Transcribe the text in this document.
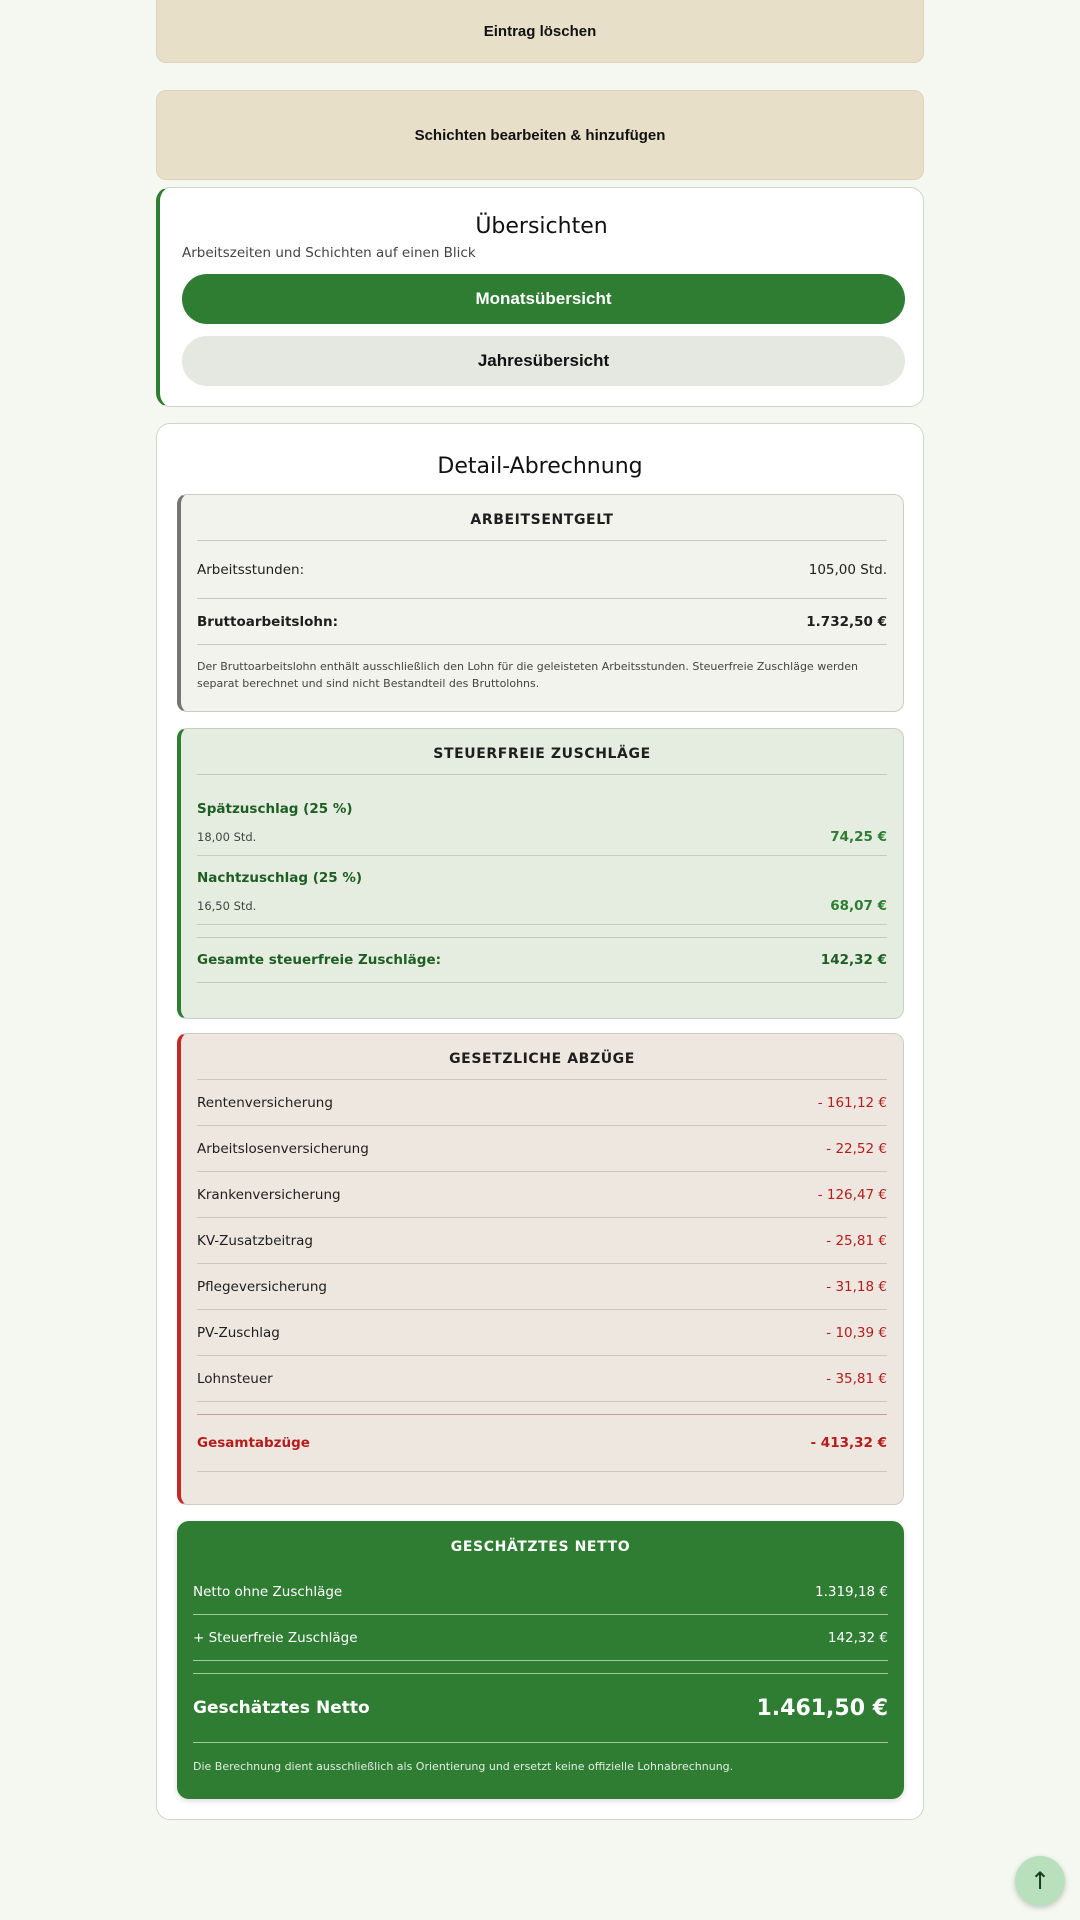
Eintrag löschen
Schichten bearbeiten & hinzufügen
Übersichten
Arbeitszeiten und Schichten auf einen Blick
Monatsübersicht
Jahresübersicht
Detail-Abrechnung
ARBEITSENTGELT
Arbeitsstunden:	105,00 Std.
Bruttoarbeitslohn:	1.732,50 €
Der Bruttoarbeitslohn enthält ausschließlich den Lohn für die geleisteten Arbeitsstunden. Steuerfreie Zuschläge werden separat berechnet und sind nicht Bestandteil des Bruttolohns.
STEUERFREIE ZUSCHLÄGE
Spätzuschlag (25 %)
18,00 Std.	74,25 €
Nachtzuschlag (25 %)
16,50 Std.	68,07 €
Gesamte steuerfreie Zuschläge:	142,32 €
GESETZLICHE ABZÜGE
Rentenversicherung	- 161,12 €
Arbeitslosenversicherung	- 22,52 €
Krankenversicherung	- 126,47 €
KV-Zusatzbeitrag	- 25,81 €
Pflegeversicherung	- 31,18 €
PV-Zuschlag	- 10,39 €
Lohnsteuer	- 35,81 €
Gesamtabzüge	- 413,32 €
GESCHÄTZTES NETTO
Netto ohne Zuschläge	1.319,18 €
+ Steuerfreie Zuschläge	142,32 €
Geschätztes Netto	1.461,50 €
Die Berechnung dient ausschließlich als Orientierung und ersetzt keine offizielle Lohnabrechnung.
↑
